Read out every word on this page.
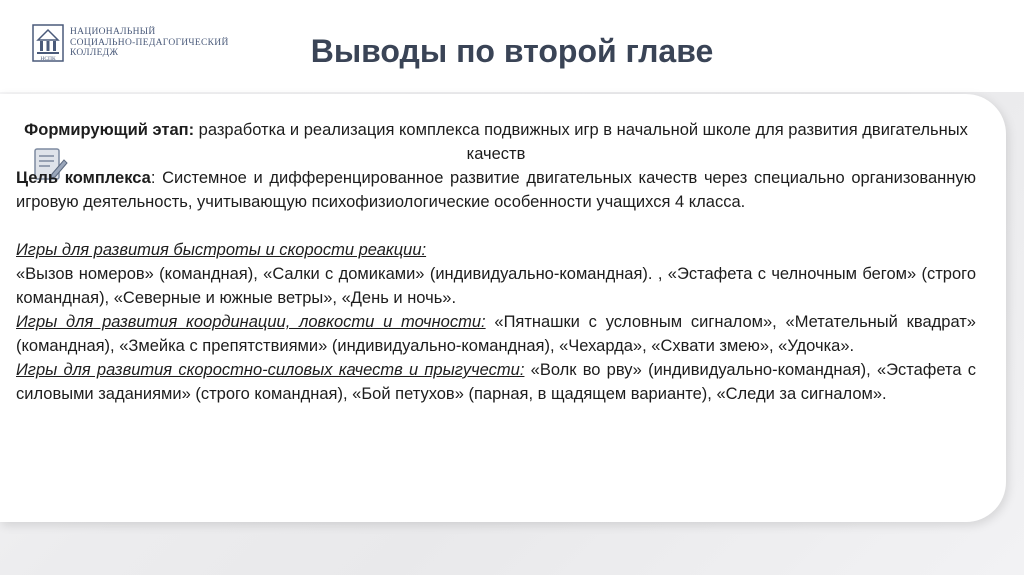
НСПК
НАЦИОНАЛЬНЫЙ
СОЦИАЛЬНО-ПЕДАГОГИЧЕСКИЙ
КОЛЛЕДЖ	Выводы по второй главе
Формирующий этап: разработка и реализация комплекса подвижных игр в начальной школе для развития двигательных качеств
Цель комплекса: Системное и дифференцированное развитие двигательных качеств через специально организованную игровую деятельность, учитывающую психофизиологические особенности учащихся 4 класса.
Игры для развития быстроты и скорости реакции:
«Вызов номеров» (командная), «Салки с домиками» (индивидуально-командная). , «Эстафета с челночным бегом» (строго командная), «Северные и южные ветры», «День и ночь».
Игры для развития координации, ловкости и точности: «Пятнашки с условным сигналом», «Метательный квадрат» (командная), «Змейка с препятствиями» (индивидуально-командная), «Чехарда», «Схвати змею», «Удочка».
Игры для развития скоростно-силовых качеств и прыгучести: «Волк во рву» (индивидуально-командная), «Эстафета с силовыми заданиями» (строго командная), «Бой петухов» (парная, в щадящем варианте), «Следи за сигналом».
